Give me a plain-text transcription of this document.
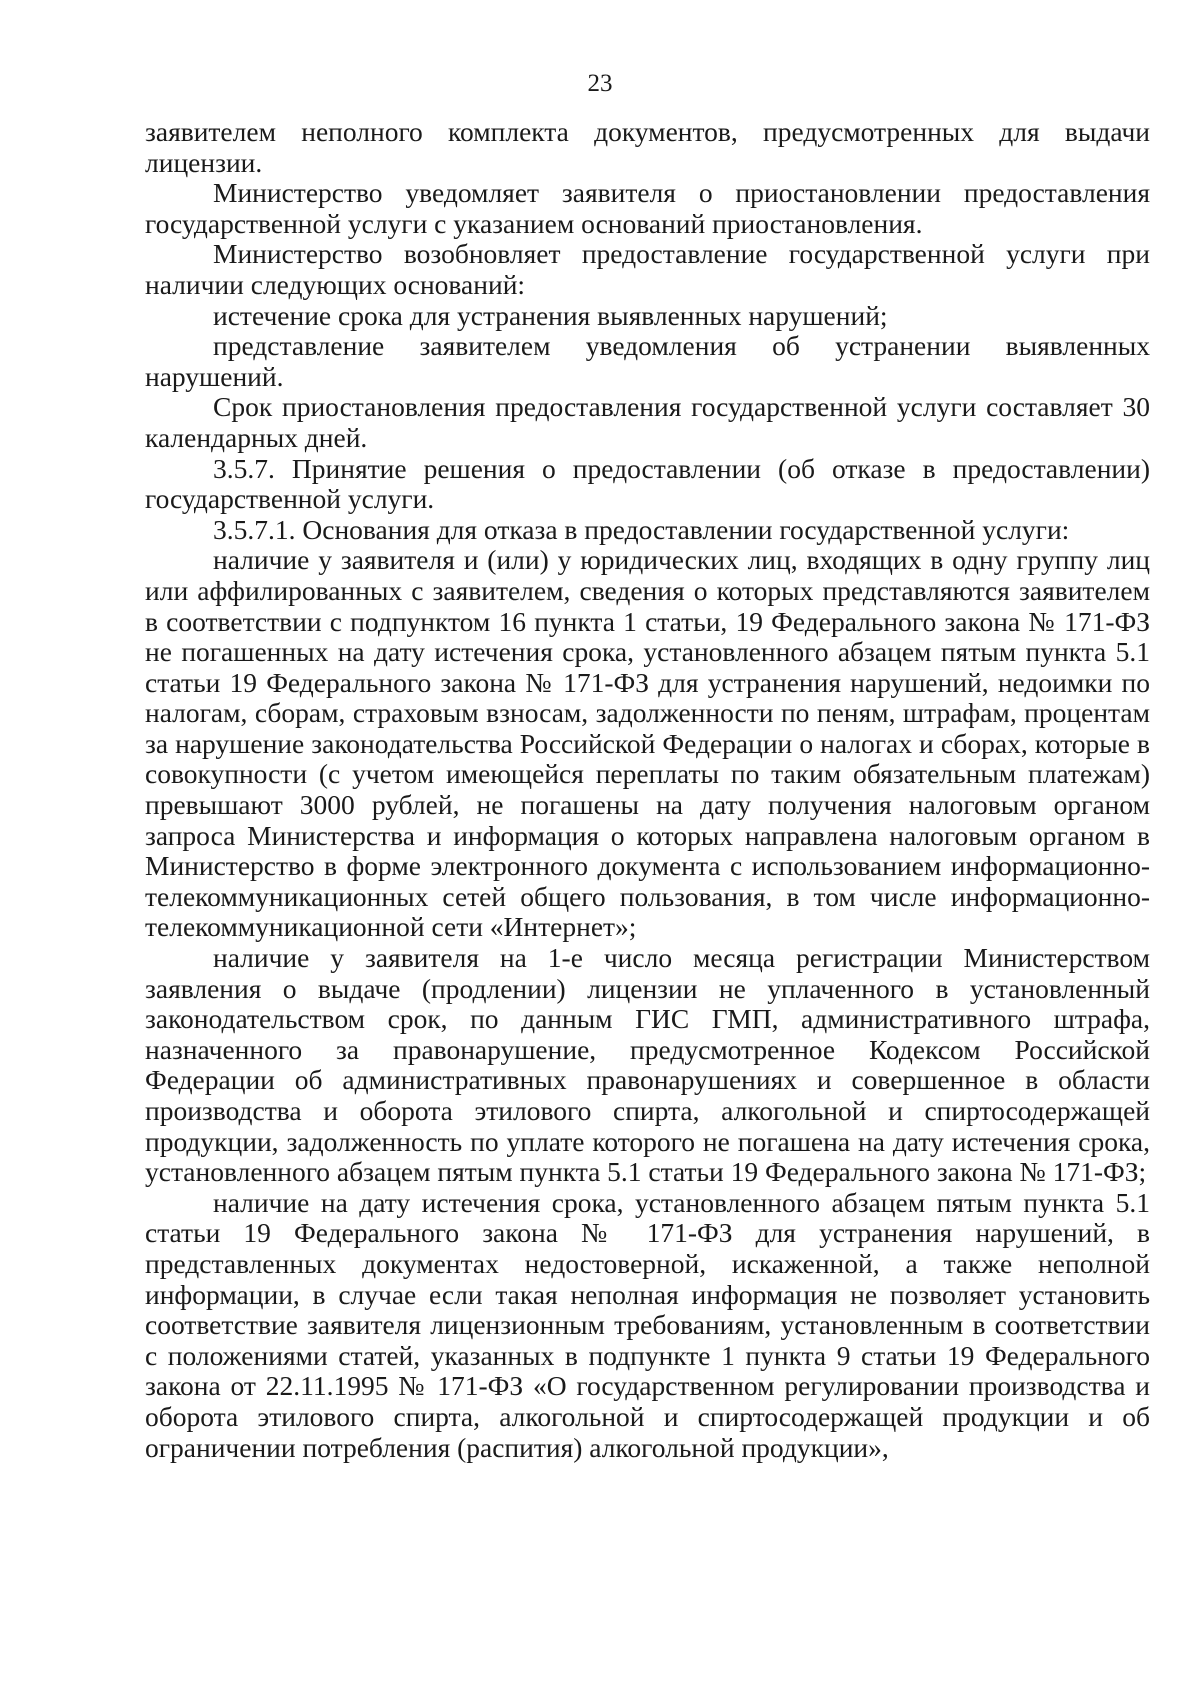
23

заявителем неполного комплекта документов, предусмотренных для выдачи лицензии.

Министерство уведомляет заявителя о приостановлении предоставления государственной услуги с указанием оснований приостановления.

Министерство возобновляет предоставление государственной услуги при наличии следующих оснований:

истечение срока для устранения выявленных нарушений;

представление заявителем уведомления об устранении выявленных нарушений.

Срок приостановления предоставления государственной услуги составляет 30 календарных дней.

3.5.7. Принятие решения о предоставлении (об отказе в предоставлении) государственной услуги.

3.5.7.1. Основания для отказа в предоставлении государственной услуги:

наличие у заявителя и (или) у юридических лиц, входящих в одну группу лиц или аффилированных с заявителем, сведения о которых представляются заявителем в соответствии с подпунктом 16 пункта 1 статьи, 19 Федерального закона № 171-ФЗ не погашенных на дату истечения срока, установленного абзацем пятым пункта 5.1 статьи 19 Федерального закона № 171-ФЗ для устранения нарушений, недоимки по налогам, сборам, страховым взносам, задолженности по пеням, штрафам, процентам за нарушение законодательства Российской Федерации о налогах и сборах, которые в совокупности (с учетом имеющейся переплаты по таким обязательным платежам) превышают 3000 рублей, не погашены на дату получения налоговым органом запроса Министерства и информация о которых направлена налоговым органом в Министерство в форме электронного документа с использованием информационно-телекоммуникационных сетей общего пользования, в том числе информационно-телекоммуникационной сети «Интернет»;

наличие у заявителя на 1-е число месяца регистрации Министерством заявления о выдаче (продлении) лицензии не уплаченного в установленный законодательством срок, по данным ГИС ГМП, административного штрафа, назначенного за правонарушение, предусмотренное Кодексом Российской Федерации об административных правонарушениях и совершенное в области производства и оборота этилового спирта, алкогольной и спиртосодержащей продукции, задолженность по уплате которого не погашена на дату истечения срока, установленного абзацем пятым пункта 5.1 статьи 19 Федерального закона № 171-ФЗ;

наличие на дату истечения срока, установленного абзацем пятым пункта 5.1 статьи 19 Федерального закона № 171-ФЗ для устранения нарушений, в представленных документах недостоверной, искаженной, а также неполной информации, в случае если такая неполная информация не позволяет установить соответствие заявителя лицензионным требованиям, установленным в соответствии с положениями статей, указанных в подпункте 1 пункта 9 статьи 19 Федерального закона от 22.11.1995 № 171-ФЗ «О государственном регулировании производства и оборота этилового спирта, алкогольной и спиртосодержащей продукции и об ограничении потребления (распития) алкогольной продукции»,
